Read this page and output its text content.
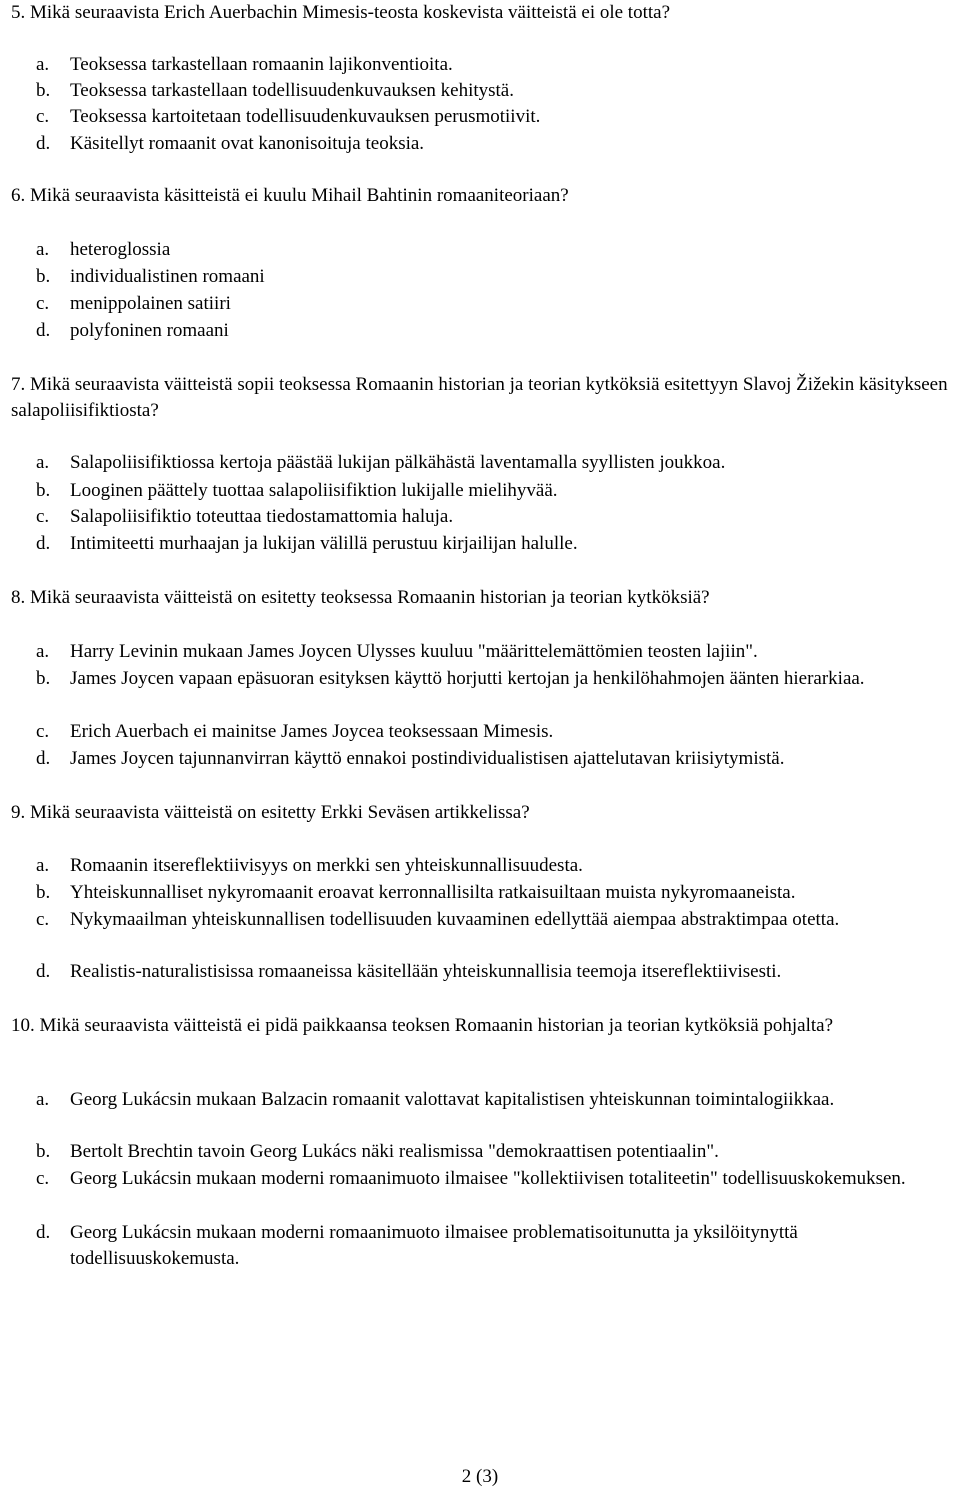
5. Mikä seuraavista Erich Auerbachin Mimesis-teosta koskevista väitteistä ei ole totta?
a.	Teoksessa tarkastellaan romaanin lajikonventioita.
b.	Teoksessa tarkastellaan todellisuudenkuvauksen kehitystä.
c.	Teoksessa kartoitetaan todellisuudenkuvauksen perusmotiivit.
d.	Käsitellyt romaanit ovat kanonisoituja teoksia.
6. Mikä seuraavista käsitteistä ei kuulu Mihail Bahtinin romaaniteoriaan?
a.	heteroglossia
b.	individualistinen romaani
c.	menippolainen satiiri
d.	polyfoninen romaani
7. Mikä seuraavista väitteistä sopii teoksessa Romaanin historian ja teorian kytköksiä esitettyyn Slavoj Žižekin käsitykseen salapoliisifiktiosta?
a.	Salapoliisifiktiossa kertoja päästää lukijan pälkähästä laventamalla syyllisten joukkoa.
b.	Looginen päättely tuottaa salapoliisifiktion lukijalle mielihyvää.
c.	Salapoliisifiktio toteuttaa tiedostamattomia haluja.
d.	Intimiteetti murhaajan ja lukijan välillä perustuu kirjailijan halulle.
8. Mikä seuraavista väitteistä on esitetty teoksessa Romaanin historian ja teorian kytköksiä?
a.	Harry Levinin mukaan James Joycen Ulysses kuuluu "määrittelemättömien teosten lajiin".
b.	James Joycen vapaan epäsuoran esityksen käyttö horjutti kertojan ja henkilöhahmojen äänten hierarkiaa.
c.	Erich Auerbach ei mainitse James Joycea teoksessaan Mimesis.
d.	James Joycen tajunnanvirran käyttö ennakoi postindividualistisen ajattelutavan kriisiytymistä.
9. Mikä seuraavista väitteistä on esitetty Erkki Seväsen artikkelissa?
a.	Romaanin itsereflektiivisyys on merkki sen yhteiskunnallisuudesta.
b.	Yhteiskunnalliset nykyromaanit eroavat kerronnallisilta ratkaisuiltaan muista nykyromaaneista.
c.	Nykymaailman yhteiskunnallisen todellisuuden kuvaaminen edellyttää aiempaa abstraktimpaa otetta.
d.	Realistis-naturalistisissa romaaneissa käsitellään yhteiskunnallisia teemoja itsereflektiivisesti.
10. Mikä seuraavista väitteistä ei pidä paikkaansa teoksen Romaanin historian ja teorian kytköksiä pohjalta?
a.	Georg Lukácsin mukaan Balzacin romaanit valottavat kapitalistisen yhteiskunnan toimintalogiikkaa.
b.	Bertolt Brechtin tavoin Georg Lukács näki realismissa "demokraattisen potentiaalin".
c.	Georg Lukácsin mukaan moderni romaanimuoto ilmaisee "kollektiivisen totaliteetin" todellisuuskokemuksen.
d.	Georg Lukácsin mukaan moderni romaanimuoto ilmaisee problematisoitunutta ja yksilöitynyttä todellisuuskokemusta.
2 (3)
